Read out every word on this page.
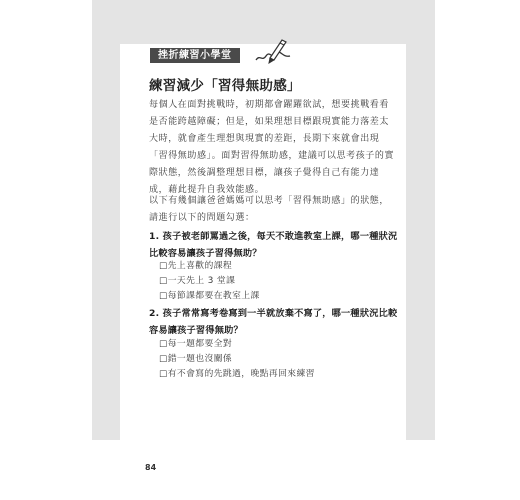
挫折練習小學堂
練習減少「習得無助感」
每個人在面對挑戰時，初期都會躍躍欲試，想要挑戰看看是否能跨越障礙；但是，如果理想目標跟現實能力落差太大時，就會產生理想與現實的差距，長期下來就會出現「習得無助感」。面對習得無助感，建議可以思考孩子的實際狀態，然後調整理想目標，讓孩子覺得自己有能力達成，藉此提升自我效能感。
以下有幾個讓爸爸媽媽可以思考「習得無助感」的狀態，請進行以下的問題勾選：
1. 孩子被老師罵過之後，每天不敢進教室上課，哪一種狀況比較容易讓孩子習得無助？
□先上喜歡的課程
□一天先上 3 堂課
□每節課都要在教室上課
2. 孩子常常寫考卷寫到一半就放棄不寫了，哪一種狀況比較容易讓孩子習得無助？
□每一題都要全對
□錯一題也沒關係
□有不會寫的先跳過，晚點再回來練習
84
